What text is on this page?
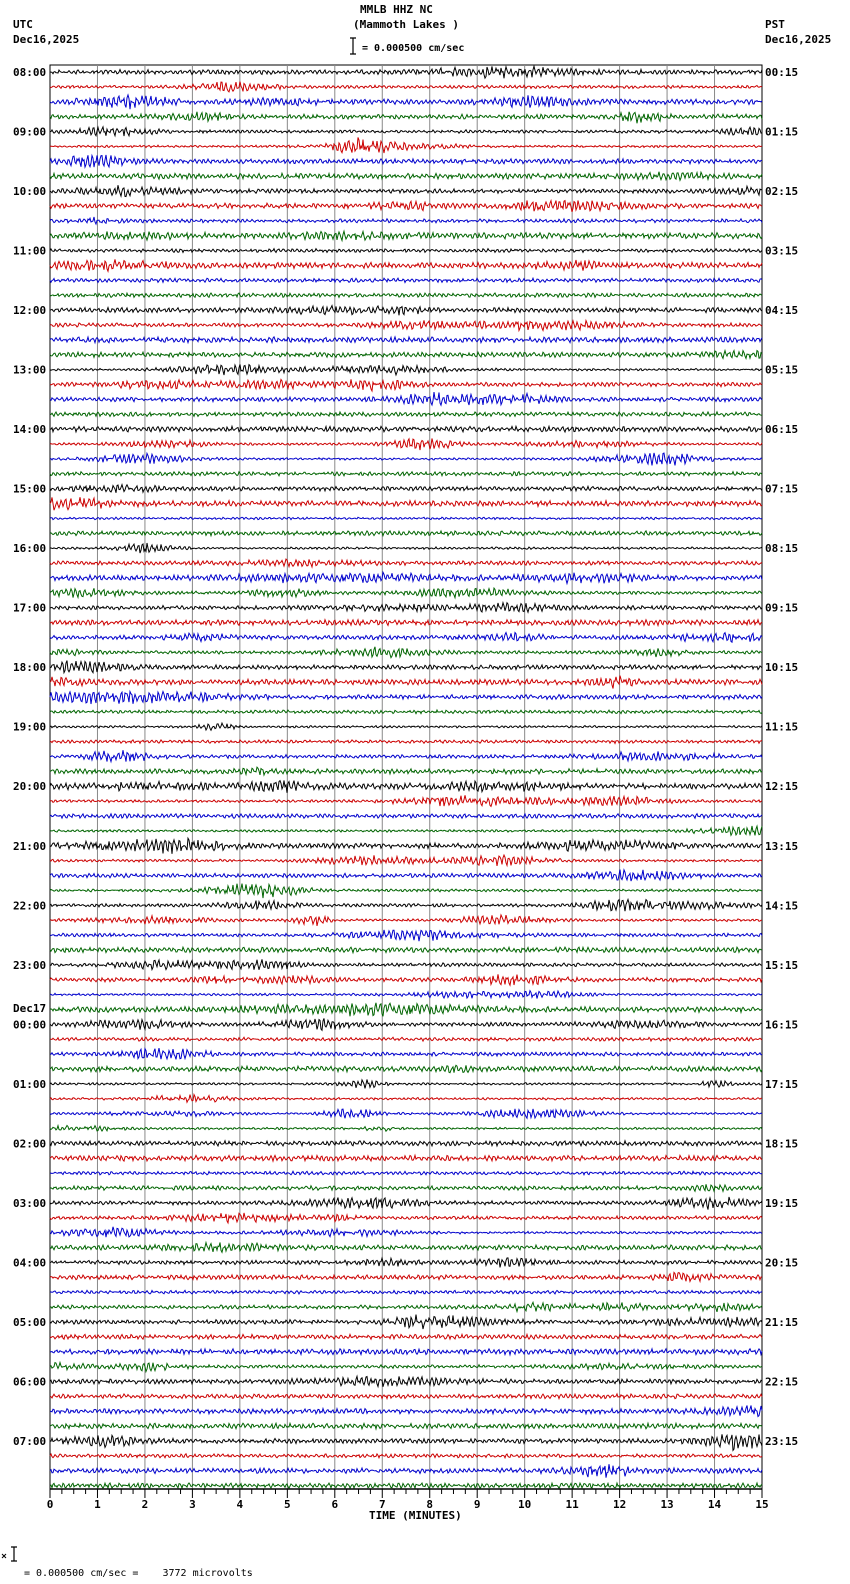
MMLB HHZ NC
(Mammoth Lakes )
UTC
Dec16,2025
PST
Dec16,2025
= 0.000500 cm/sec
= 0.000500 cm/sec =    3772 microvolts
TIME (MINUTES)
Dec17
08:00
09:00
10:00
11:00
12:00
13:00
14:00
15:00
16:00
17:00
18:00
19:00
20:00
21:00
22:00
23:00
00:00
01:00
02:00
03:00
04:00
05:00
06:00
07:00
00:15
01:15
02:15
03:15
04:15
05:15
06:15
07:15
08:15
09:15
10:15
11:15
12:15
13:15
14:15
15:15
16:15
17:15
18:15
19:15
20:15
21:15
22:15
23:15
0	1	2	3	4	5	6	7	8	9	10	11	12	13	14	15
